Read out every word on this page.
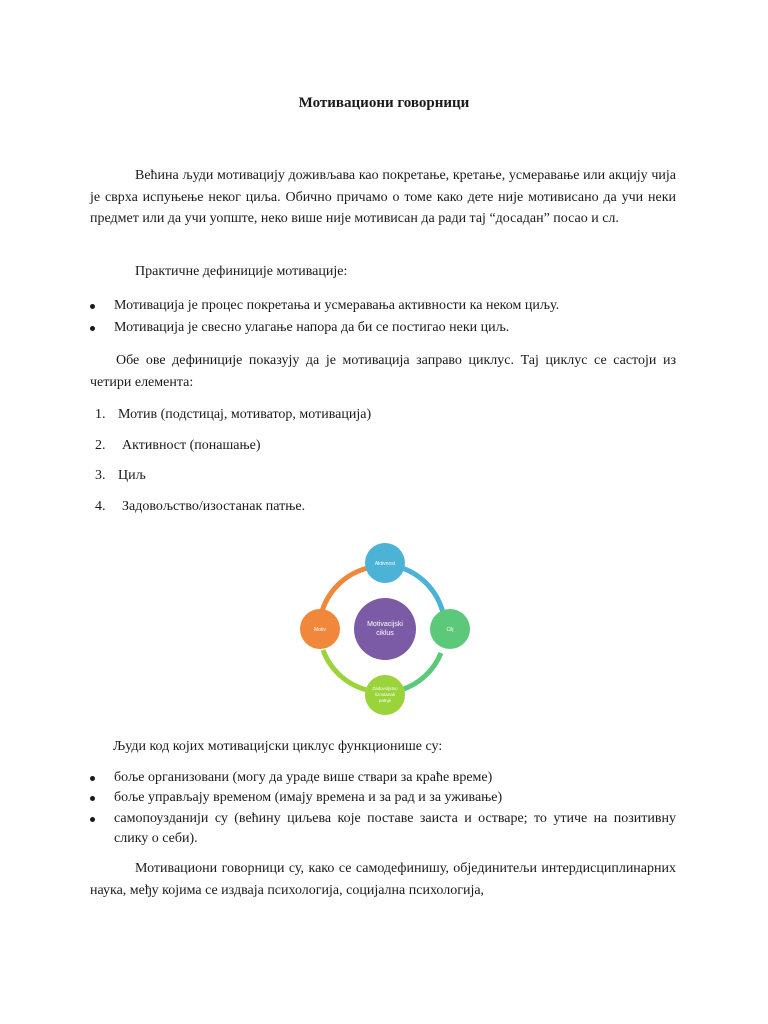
Мотивациони говорници

Већина људи мотивацију доживљава као покретање, кретање, усмеравање или акцију чија је сврха испуњење неког циља. Обично причамо о томе како дете није мотивисано да учи неки предмет или да учи уопште, неко више није мотивисан да ради тај “досадан” посао и сл.

Практичне дефиниције мотивације:
Мотивација је процес покретања и усмеравања активности ка неком циљу.
Мотивација је свесно улагање напора да би се постигао неки циљ.

Обе ове дефиниције показују да је мотивација заправо циклус. Тај циклус се састоји из четири елемента:

1. Мотив (подстицај, мотиватор, мотивација)
2. Активност (понашање)
3. Циљ
4. Задовољство/изостанак патње.
Aktivnost
Cilj
Motiv
Zadovoljstvo
/izostanak
patnje
Motivacijski
ciklus
Људи код којих мотивацијски циклус функционише су:
боље организовани (могу да ураде више ствари за краће време)
боље управљају временом (имају времена и за рад и за уживање)
самопоузданији су (већину циљева које поставе заиста и остваре; то утиче на позитивну слику о себи).

Мотивациони говорници су, како се самодефинишу, објединитељи интердисциплинарних наука, међу којима се издваја психологија, социјална психологија,
